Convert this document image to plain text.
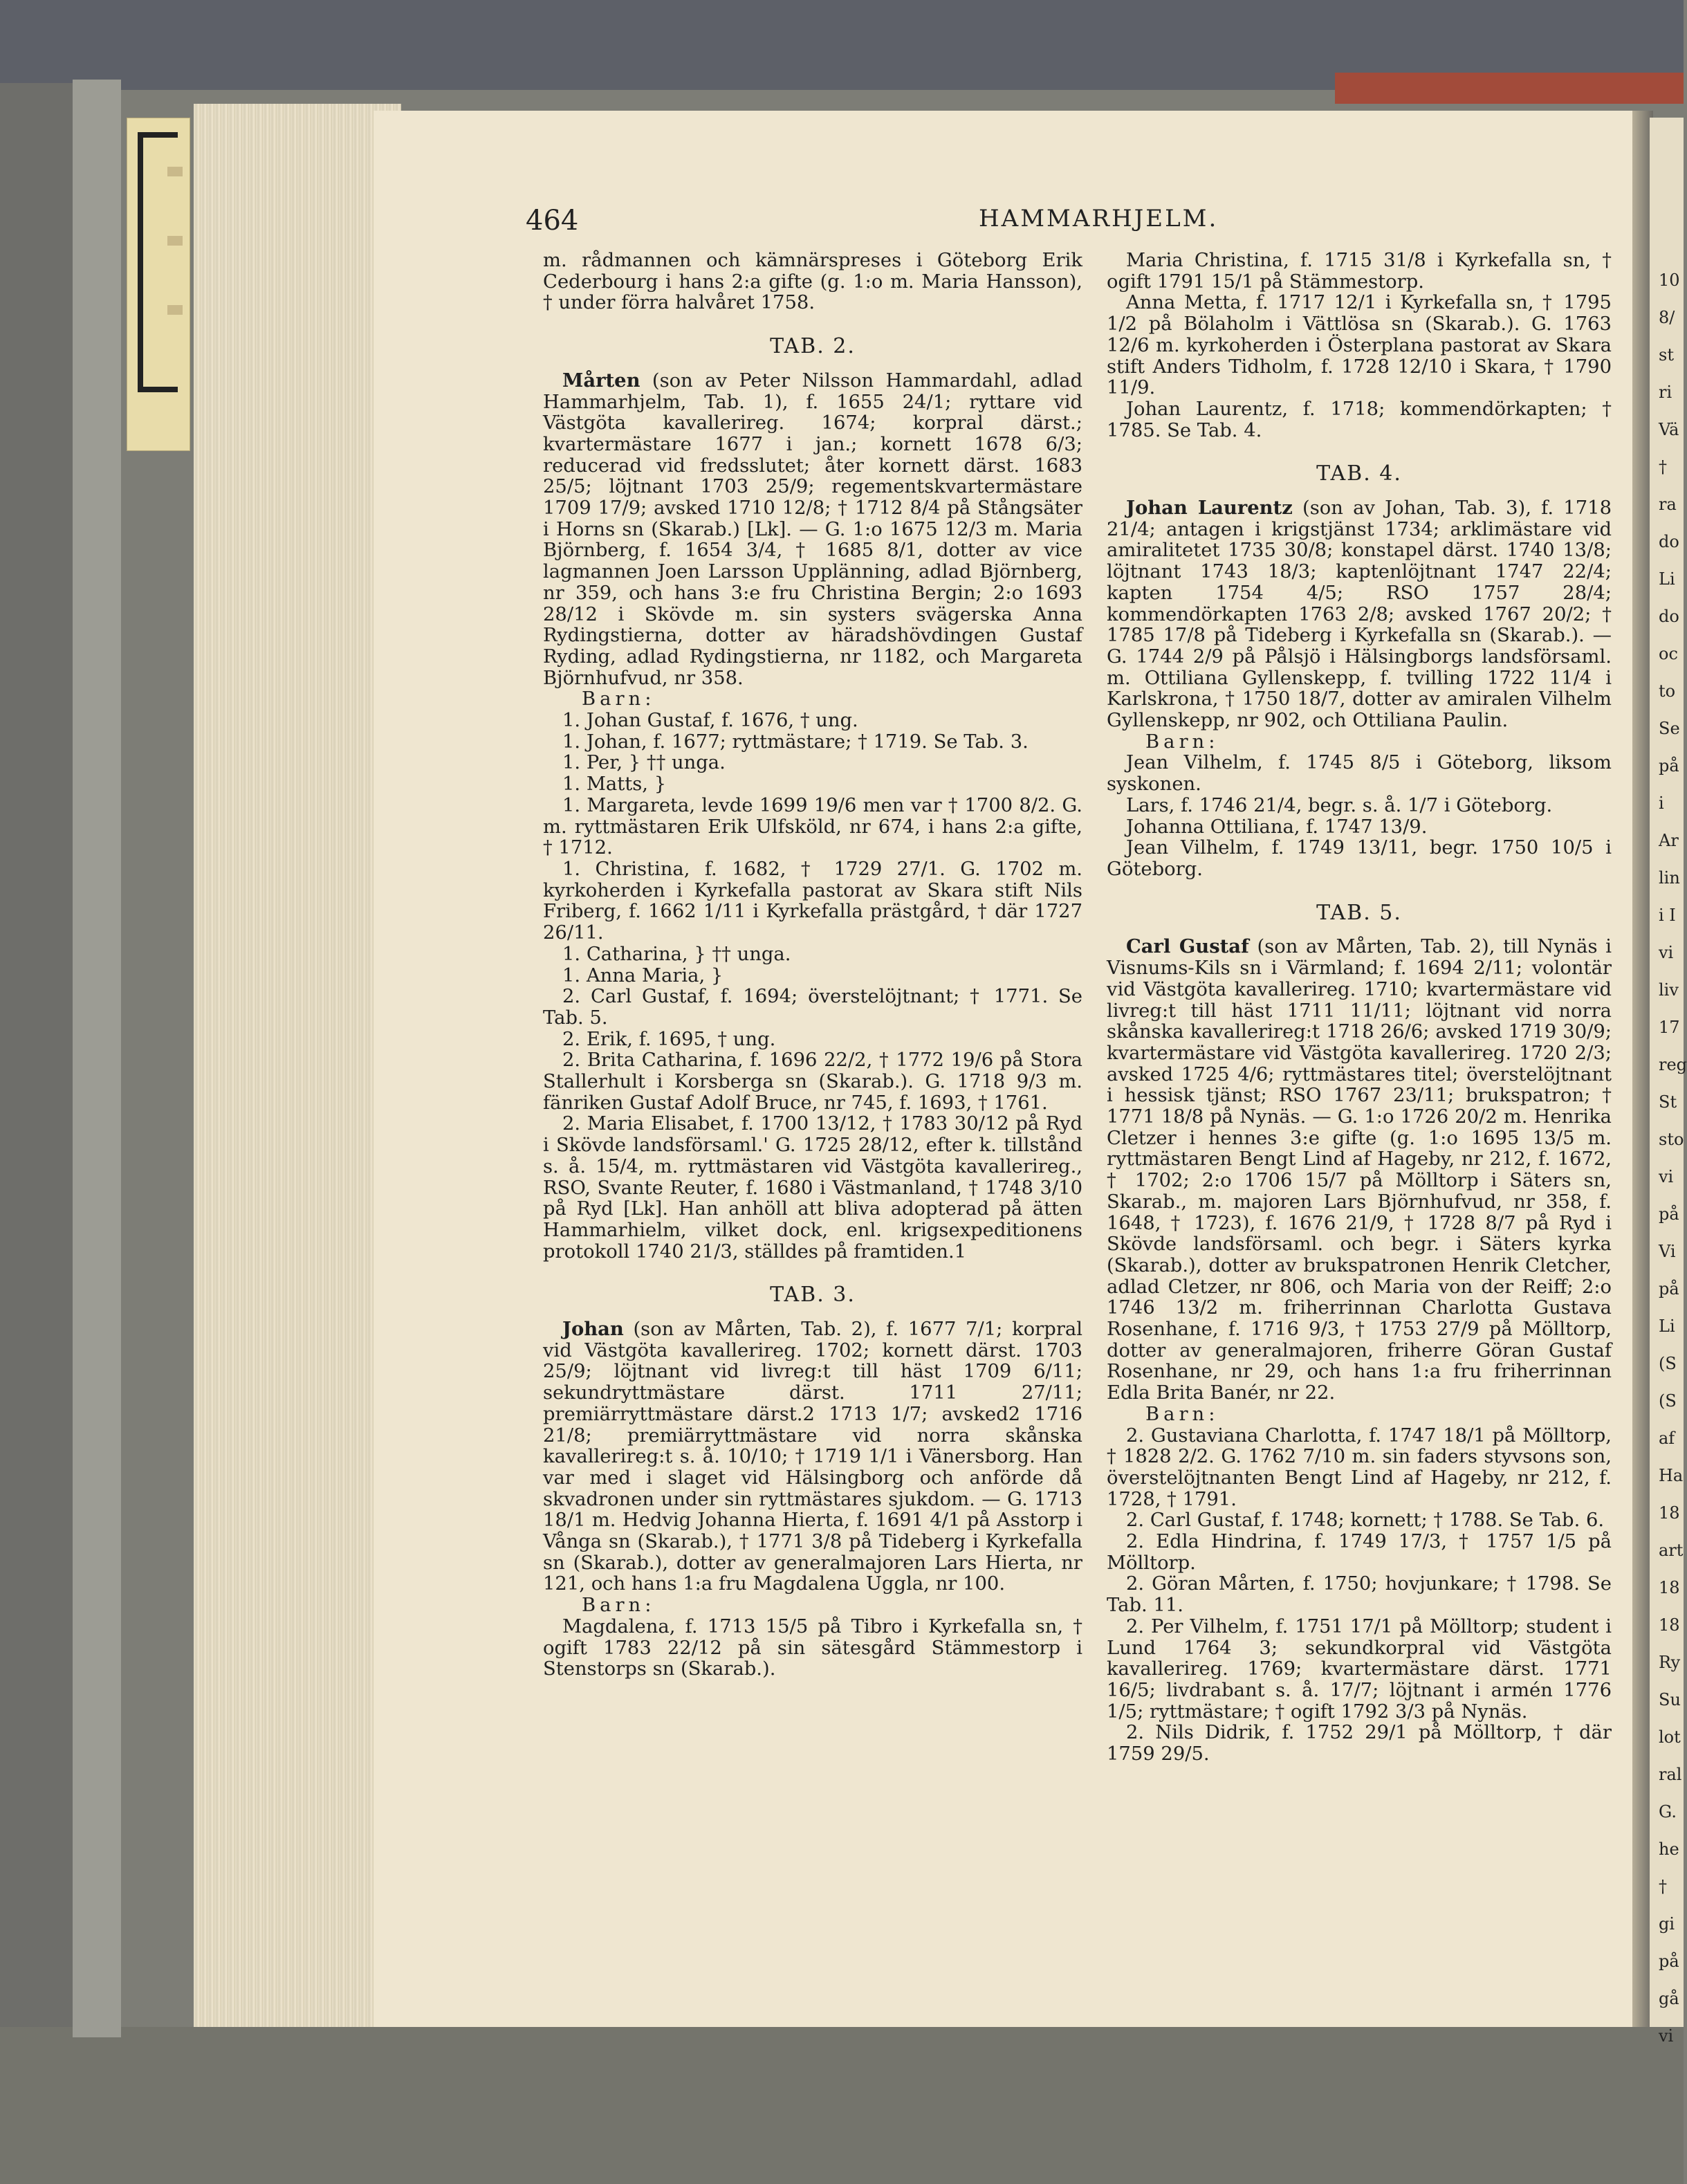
464	HAMMARHJELM.

m. rådmannen och kämnärspreses i Göteborg Erik Cederbourg i hans 2:a gifte (g. 1:o m. Maria Hansson), † under förra halvåret 1758.

TAB. 2.

Mårten (son av Peter Nilsson Hammardahl, adlad Hammarhjelm, Tab. 1), f. 1655 24/1; ryttare vid Västgöta kavallerireg. 1674; korpral därst.; kvartermästare 1677 i jan.; kornett 1678 6/3; reducerad vid fredsslutet; åter kornett därst. 1683 25/5; löjtnant 1703 25/9; regementskvartermästare 1709 17/9; avsked 1710 12/8; † 1712 8/4 på Stångsäter i Horns sn (Skarab.) [Lk]. — G. 1:o 1675 12/3 m. Maria Björnberg, f. 1654 3/4, † 1685 8/1, dotter av vice lagmannen Joen Larsson Upplänning, adlad Björnberg, nr 359, och hans 3:e fru Christina Bergin; 2:o 1693 28/12 i Skövde m. sin systers svägerska Anna Rydingstierna, dotter av häradshövdingen Gustaf Ryding, adlad Rydingstierna, nr 1182, och Margareta Björnhufvud, nr 358.

Barn:

1. Johan Gustaf, f. 1676, † ung.

1. Johan, f. 1677; ryttmästare; † 1719. Se Tab. 3.

1. Per, } †† unga.

1. Matts, }

1. Margareta, levde 1699 19/6 men var † 1700 8/2. G. m. ryttmästaren Erik Ulfsköld, nr 674, i hans 2:a gifte, † 1712.

1. Christina, f. 1682, † 1729 27/1. G. 1702 m. kyrkoherden i Kyrkefalla pastorat av Skara stift Nils Friberg, f. 1662 1/11 i Kyrkefalla prästgård, † där 1727 26/11.

1. Catharina, } †† unga.

1. Anna Maria, }

2. Carl Gustaf, f. 1694; överstelöjtnant; † 1771. Se Tab. 5.

2. Erik, f. 1695, † ung.

2. Brita Catharina, f. 1696 22/2, † 1772 19/6 på Stora Stallerhult i Korsberga sn (Skarab.). G. 1718 9/3 m. fänriken Gustaf Adolf Bruce, nr 745, f. 1693, † 1761.

2. Maria Elisabet, f. 1700 13/12, † 1783 30/12 på Ryd i Skövde landsförsaml.' G. 1725 28/12, efter k. tillstånd s. å. 15/4, m. ryttmästaren vid Västgöta kavallerireg., RSO, Svante Reuter, f. 1680 i Västmanland, † 1748 3/10 på Ryd [Lk]. Han anhöll att bliva adopterad på ätten Hammarhielm, vilket dock, enl. krigsexpeditionens protokoll 1740 21/3, ställdes på framtiden.1

TAB. 3.

Johan (son av Mårten, Tab. 2), f. 1677 7/1; korpral vid Västgöta kavallerireg. 1702; kornett därst. 1703 25/9; löjtnant vid livreg:t till häst 1709 6/11; sekundryttmästare därst. 1711 27/11; premiärryttmästare därst.2 1713 1/7; avsked2 1716 21/8; premiärryttmästare vid norra skånska kavallerireg:t s. å. 10/10; † 1719 1/1 i Vänersborg. Han var med i slaget vid Hälsingborg och anförde då skvadronen under sin ryttmästares sjukdom. — G. 1713 18/1 m. Hedvig Johanna Hierta, f. 1691 4/1 på Asstorp i Vånga sn (Skarab.), † 1771 3/8 på Tideberg i Kyrkefalla sn (Skarab.), dotter av generalmajoren Lars Hierta, nr 121, och hans 1:a fru Magdalena Uggla, nr 100.

Barn:

Magdalena, f. 1713 15/5 på Tibro i Kyrkefalla sn, † ogift 1783 22/12 på sin sätesgård Stämmestorp i Stenstorps sn (Skarab.).

Maria Christina, f. 1715 31/8 i Kyrkefalla sn, † ogift 1791 15/1 på Stämmestorp.

Anna Metta, f. 1717 12/1 i Kyrkefalla sn, † 1795 1/2 på Bölaholm i Vättlösa sn (Skarab.). G. 1763 12/6 m. kyrkoherden i Österplana pastorat av Skara stift Anders Tidholm, f. 1728 12/10 i Skara, † 1790 11/9.

Johan Laurentz, f. 1718; kommendörkapten; † 1785. Se Tab. 4.

TAB. 4.

Johan Laurentz (son av Johan, Tab. 3), f. 1718 21/4; antagen i krigstjänst 1734; arklimästare vid amiralitetet 1735 30/8; konstapel därst. 1740 13/8; löjtnant 1743 18/3; kaptenlöjtnant 1747 22/4; kapten 1754 4/5; RSO 1757 28/4; kommendörkapten 1763 2/8; avsked 1767 20/2; † 1785 17/8 på Tideberg i Kyrkefalla sn (Skarab.). — G. 1744 2/9 på Pålsjö i Hälsingborgs landsförsaml. m. Ottiliana Gyllenskepp, f. tvilling 1722 11/4 i Karlskrona, † 1750 18/7, dotter av amiralen Vilhelm Gyllenskepp, nr 902, och Ottiliana Paulin.

Barn:

Jean Vilhelm, f. 1745 8/5 i Göteborg, liksom syskonen.

Lars, f. 1746 21/4, begr. s. å. 1/7 i Göteborg.

Johanna Ottiliana, f. 1747 13/9.

Jean Vilhelm, f. 1749 13/11, begr. 1750 10/5 i Göteborg.

TAB. 5.

Carl Gustaf (son av Mårten, Tab. 2), till Nynäs i Visnums-Kils sn i Värmland; f. 1694 2/11; volontär vid Västgöta kavallerireg. 1710; kvartermästare vid livreg:t till häst 1711 11/11; löjtnant vid norra skånska kavallerireg:t 1718 26/6; avsked 1719 30/9; kvartermästare vid Västgöta kavallerireg. 1720 2/3; avsked 1725 4/6; ryttmästares titel; överstelöjtnant i hessisk tjänst; RSO 1767 23/11; brukspatron; † 1771 18/8 på Nynäs. — G. 1:o 1726 20/2 m. Henrika Cletzer i hennes 3:e gifte (g. 1:o 1695 13/5 m. ryttmästaren Bengt Lind af Hageby, nr 212, f. 1672, † 1702; 2:o 1706 15/7 på Mölltorp i Säters sn, Skarab., m. majoren Lars Björnhufvud, nr 358, f. 1648, † 1723), f. 1676 21/9, † 1728 8/7 på Ryd i Skövde landsförsaml. och begr. i Säters kyrka (Skarab.), dotter av brukspatronen Henrik Cletcher, adlad Cletzer, nr 806, och Maria von der Reiff; 2:o 1746 13/2 m. friherrinnan Charlotta Gustava Rosenhane, f. 1716 9/3, † 1753 27/9 på Mölltorp, dotter av generalmajoren, friherre Göran Gustaf Rosenhane, nr 29, och hans 1:a fru friherrinnan Edla Brita Banér, nr 22.

Barn:

2. Gustaviana Charlotta, f. 1747 18/1 på Mölltorp, † 1828 2/2. G. 1762 7/10 m. sin faders styvsons son, överstelöjtnanten Bengt Lind af Hageby, nr 212, f. 1728, † 1791.

2. Carl Gustaf, f. 1748; kornett; † 1788. Se Tab. 6.

2. Edla Hindrina, f. 1749 17/3, † 1757 1/5 på Mölltorp.

2. Göran Mårten, f. 1750; hovjunkare; † 1798. Se Tab. 11.

2. Per Vilhelm, f. 1751 17/1 på Mölltorp; student i Lund 1764 3; sekundkorpral vid Västgöta kavallerireg. 1769; kvartermästare därst. 1771 16/5; livdrabant s. å. 17/7; löjtnant i armén 1776 1/5; ryttmästare; † ogift 1792 3/3 på Nynäs.

2. Nils Didrik, f. 1752 29/1 på Mölltorp, † där 1759 29/5.

10
8/
st
ri
Vä
†
ra
do
Li
do
oc
to
Se
på
i
Ar
lin
i I
vi
liv
17
reg
St
sto
vi
på
Vi
på
Li
(S
(S
af
Ha
18
art
18
18
Ry
Su
lot
ral
G.
he
†
gi
på
gå
vi
